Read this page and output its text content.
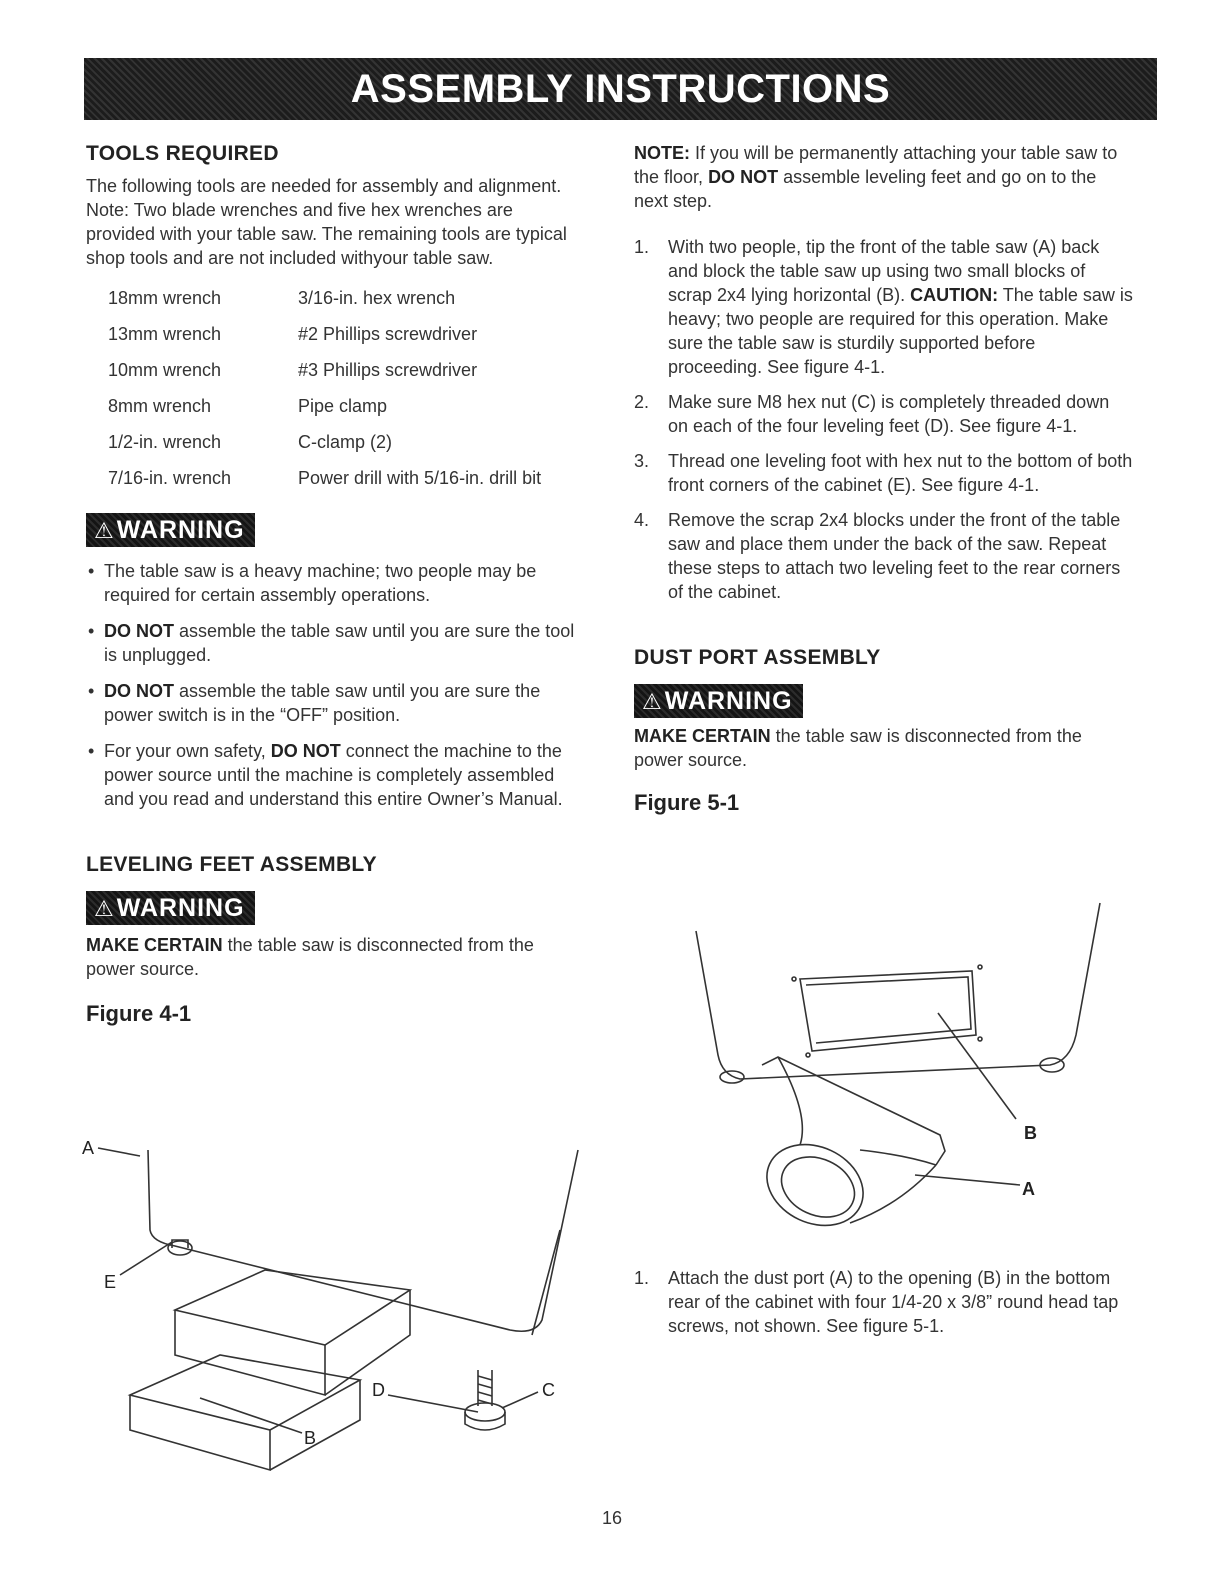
ASSEMBLY INSTRUCTIONS
TOOLS REQUIRED

The following tools are needed for assembly and alignment. Note: Two blade wrenches and five hex wrenches are provided with your table saw. The remaining tools are typical shop tools and are not included withyour table saw.

18mm wrench	3/16-in. hex wrench
13mm wrench	#2 Phillips screwdriver
10mm wrench	#3 Phillips screwdriver
8mm wrench	Pipe clamp
1/2-in. wrench	C-clamp (2)
7/16-in. wrench	Power drill with 5/16-in. drill bit
⚠WARNING
• The table saw is a heavy machine; two people may be required for certain assembly operations.
• DO NOT assemble the table saw until you are sure the tool is unplugged.
• DO NOT assemble the table saw until you are sure the power switch is in the “OFF” position.
• For your own safety, DO NOT connect the machine to the power source until the machine is completely assembled and you read and understand this entire Owner’s Manual.
LEVELING FEET ASSEMBLY
⚠WARNING

MAKE CERTAIN the table saw is disconnected from the power source.

Figure 4-1
A
E
D	C
B

NOTE: If you will be permanently attaching your table saw to the floor, DO NOT assemble leveling feet and go on to the next step.

1.	With two people, tip the front of the table saw (A) back and block the table saw up using two small blocks of scrap 2x4 lying horizontal (B). CAUTION: The table saw is heavy; two people are required for this operation. Make sure the table saw is sturdily supported before proceeding. See figure 4-1.
2.	Make sure M8 hex nut (C) is completely threaded down on each of the four leveling feet (D). See figure 4-1.
3.	Thread one leveling foot with hex nut to the bottom of both front corners of the cabinet (E). See figure 4-1.
4.	Remove the scrap 2x4 blocks under the front of the table saw and place them under the back of the saw. Repeat these steps to attach two leveling feet to the rear corners of the cabinet.
DUST PORT ASSEMBLY
⚠WARNING

MAKE CERTAIN the table saw is disconnected from the power source.

Figure 5-1
B
A
1.	Attach the dust port (A) to the opening (B) in the bottom rear of the cabinet with four 1/4-20 x 3/8” round head tap screws, not shown. See figure 5-1.
16
